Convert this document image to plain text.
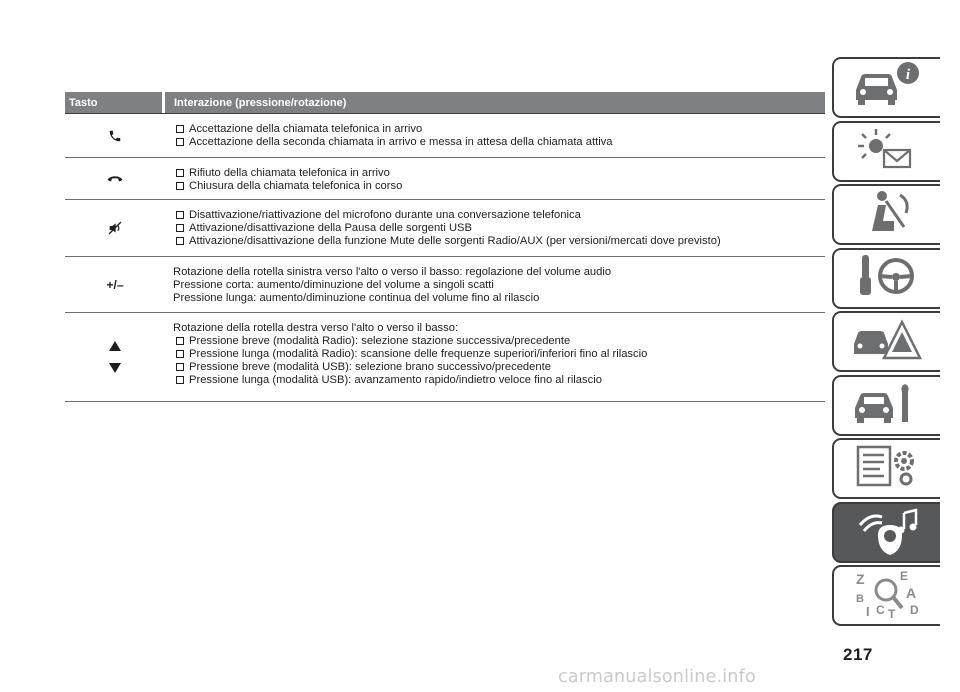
Tasto	Interazione (pressione/rotazione)
Accettazione della chiamata telefonica in arrivo
Accettazione della seconda chiamata in arrivo e messa in attesa della chiamata attiva
Rifiuto della chiamata telefonica in arrivo
Chiusura della chiamata telefonica in corso
Disattivazione/riattivazione del microfono durante una conversazione telefonica
Attivazione/disattivazione della Pausa delle sorgenti USB
Attivazione/disattivazione della funzione Mute delle sorgenti Radio/AUX (per versioni/mercati dove previsto)
+/–
Rotazione della rotella sinistra verso l'alto o verso il basso: regolazione del volume audio
Pressione corta: aumento/diminuzione del volume a singoli scatti
Pressione lunga: aumento/diminuzione continua del volume fino al rilascio
Rotazione della rotella destra verso l'alto o verso il basso:
Pressione breve (modalità Radio): selezione stazione successiva/precedente
Pressione lunga (modalità Radio): scansione delle frequenze superiori/inferiori fino al rilascio
Pressione breve (modalità USB): selezione brano successivo/precedente
Pressione lunga (modalità USB): avanzamento rapido/indietro veloce fino al rilascio
i
Z	E
A
B
I C T D
217
carmanualsonline.info
